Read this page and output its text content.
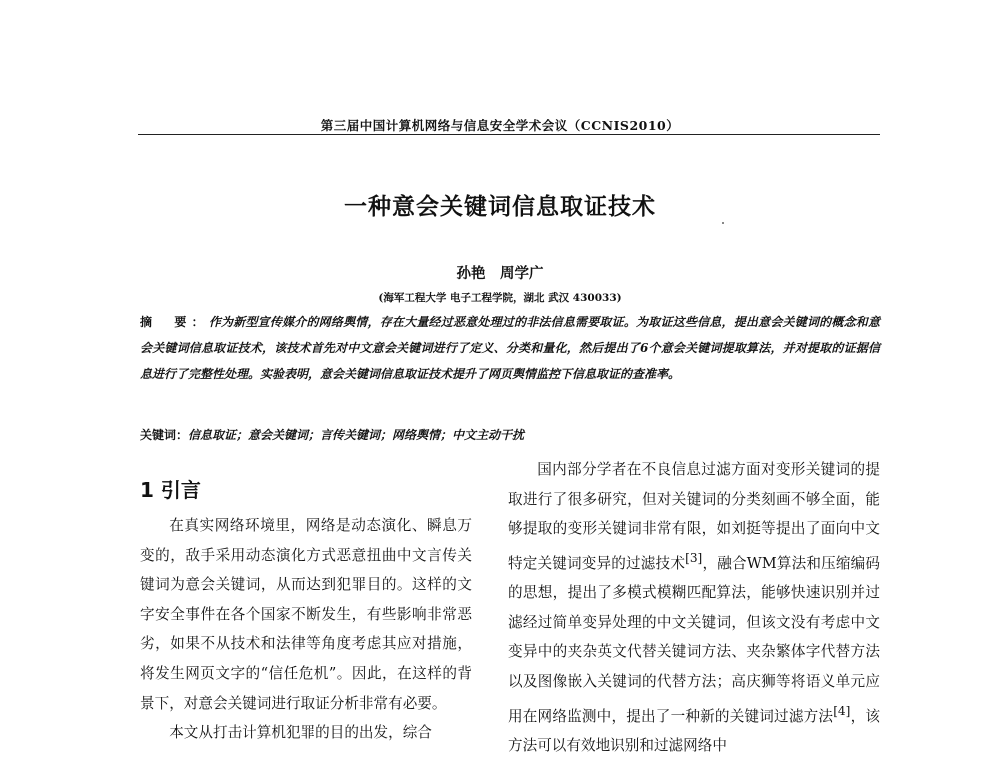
第三届中国计算机网络与信息安全学术会议（CCNIS2010）
一种意会关键词信息取证技术
孙艳　周学广
(海军工程大学 电子工程学院，湖北 武汉 430033)
摘　要：作为新型宣传媒介的网络舆情，存在大量经过恶意处理过的非法信息需要取证。为取证这些信息，提出意会关键词的概念和意会关键词信息取证技术，该技术首先对中文意会关键词进行了定义、分类和量化，然后提出了6个意会关键词提取算法，并对提取的证据信息进行了完整性处理。实验表明，意会关键词信息取证技术提升了网页舆情监控下信息取证的查准率。
关键词：信息取证；意会关键词；言传关键词；网络舆情；中文主动干扰
1 引言

在真实网络环境里，网络是动态演化、瞬息万变的，敌手采用动态演化方式恶意扭曲中文言传关键词为意会关键词，从而达到犯罪目的。这样的文字安全事件在各个国家不断发生，有些影响非常恶劣，如果不从技术和法律等角度考虑其应对措施，将发生网页文字的“信任危机”。因此，在这样的背景下，对意会关键词进行取证分析非常有必要。

本文从打击计算机犯罪的目的出发，综合

国内部分学者在不良信息过滤方面对变形关键词的提取进行了很多研究，但对关键词的分类刻画不够全面，能够提取的变形关键词非常有限，如刘挺等提出了面向中文特定关键词变异的过滤技术[3]，融合WM算法和压缩编码的思想，提出了多模式模糊匹配算法，能够快速识别并过滤经过简单变异处理的中文关键词，但该文没有考虑中文变异中的夹杂英文代替关键词方法、夹杂繁体字代替方法以及图像嵌入关键词的代替方法；高庆狮等将语义单元应用在网络监测中，提出了一种新的关键词过滤方法[4]，该方法可以有效地识别和过滤网络中
